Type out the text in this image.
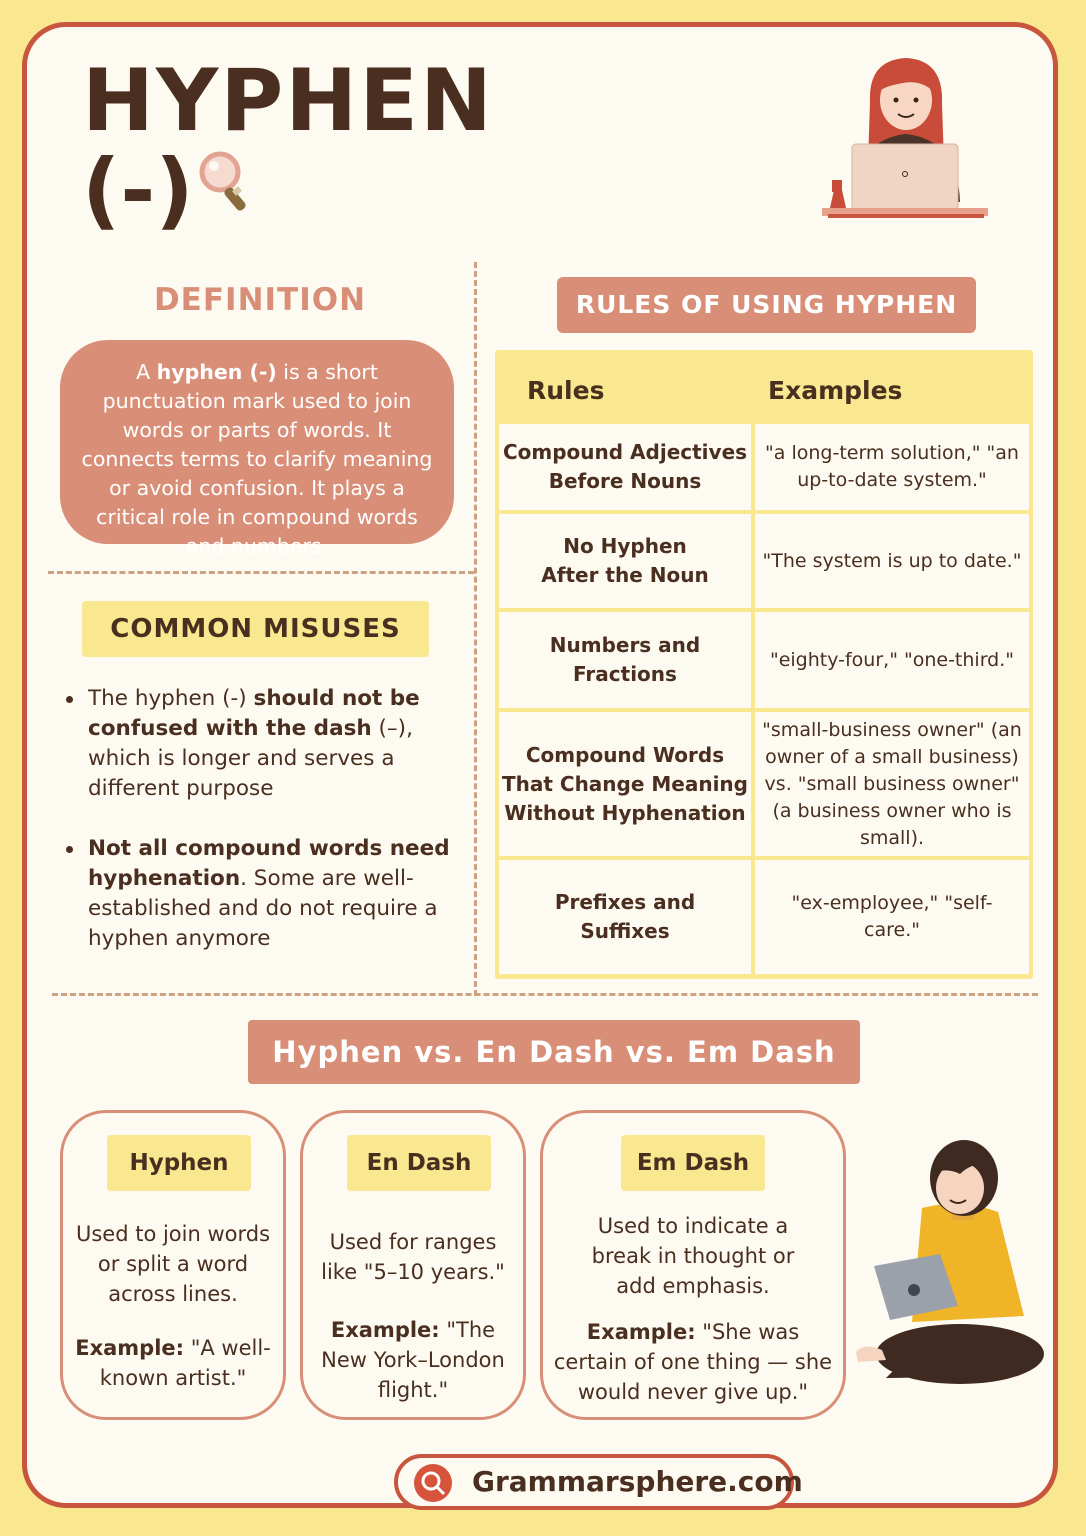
HYPHEN
(-)
DEFINITION
A hyphen (-) is a short punctuation mark used to join words or parts of words. It connects terms to clarify meaning or avoid confusion. It plays a critical role in compound words and numbers.
COMMON MISUSES
The hyphen (-) should not be confused with the dash (–), which is longer and serves a different purpose
Not all compound words need hyphenation. Some are well-established and do not require a hyphen anymore
RULES OF USING HYPHEN
Rules	Examples
Compound Adjectives Before Nouns
"a long-term solution," "an up-to-date system."
No Hyphen After the Noun
"The system is up to date."
Numbers and Fractions
"eighty-four," "one-third."
Compound Words That Change Meaning Without Hyphenation
"small-business owner" (an owner of a small business) vs. "small business owner" (a business owner who is small).
Prefixes and Suffixes
"ex-employee," "self-care."
Hyphen vs. En Dash vs. Em Dash
Hyphen
Used to join words or split a word across lines.
Example: "A well-known artist."
En Dash
Used for ranges like "5–10 years."
Example: "The New York–London flight."
Em Dash
Used to indicate a break in thought or add emphasis.
Example: "She was certain of one thing — she would never give up."
Grammarsphere.com
